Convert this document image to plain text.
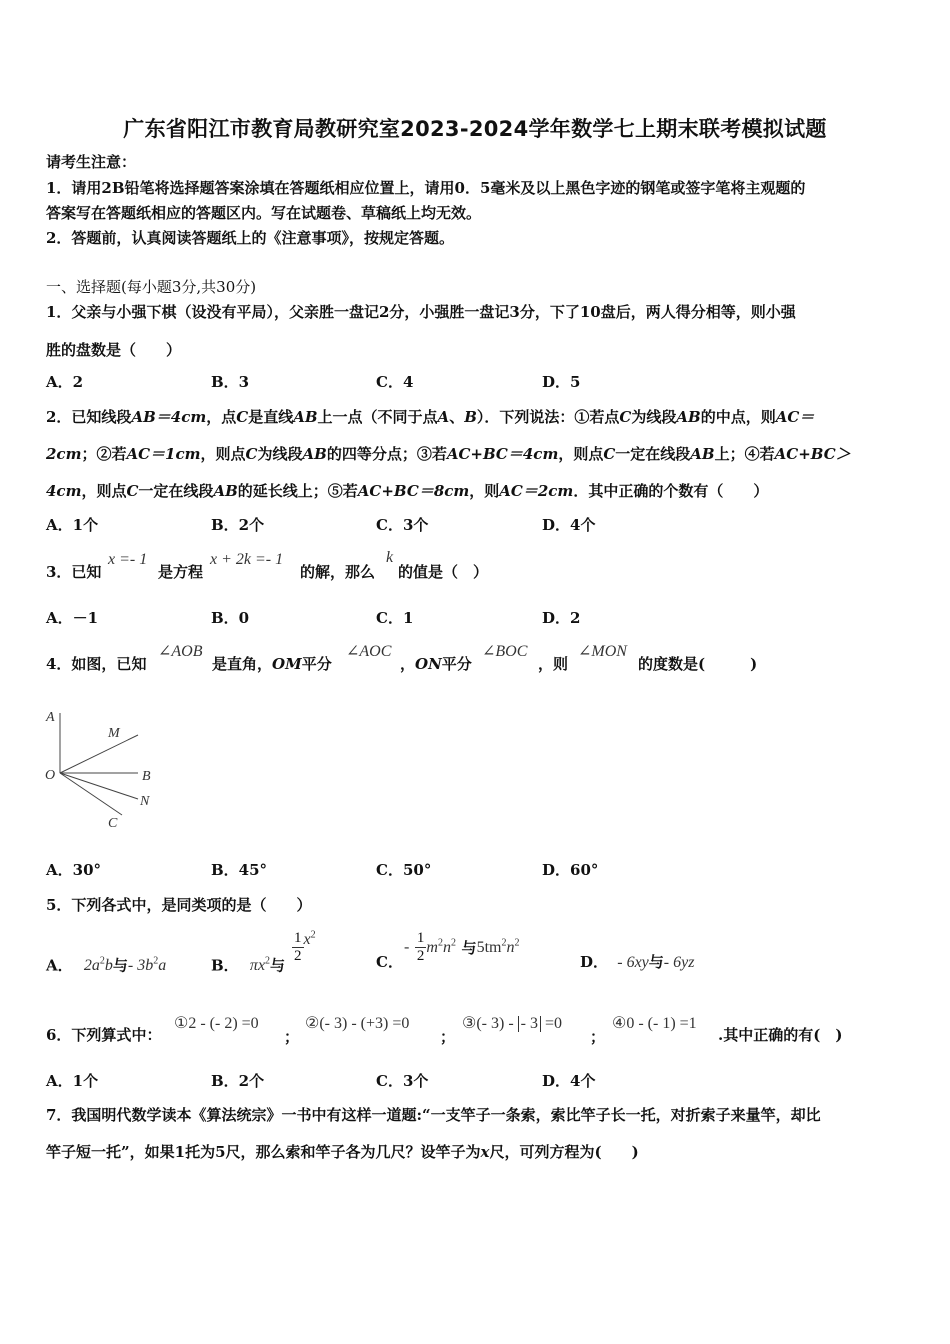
广东省阳江市教育局教研究室2023-2024学年数学七上期末联考模拟试题
请考生注意：
1．请用2B铅笔将选择题答案涂填在答题纸相应位置上，请用0．5毫米及以上黑色字迹的钢笔或签字笔将主观题的
答案写在答题纸相应的答题区内。写在试题卷、草稿纸上均无效。
2．答题前，认真阅读答题纸上的《注意事项》，按规定答题。
一、选择题(每小题3分,共30分)
1．父亲与小强下棋（设没有平局），父亲胜一盘记2分，小强胜一盘记3分，下了10盘后，两人得分相等，则小强
胜的盘数是（　　）
A．2	B．3	C．4	D．5
2．已知线段AB＝4cm，点C是直线AB上一点（不同于点A、B）．下列说法：①若点C为线段AB的中点，则AC＝
2cm；②若AC＝1cm，则点C为线段AB的四等分点；③若AC+BC＝4cm，则点C一定在线段AB上；④若AC+BC＞
4cm，则点C一定在线段AB的延长线上；⑤若AC+BC＝8cm，则AC＝2cm．其中正确的个数有（　　）
A．1个	B．2个	C．3个	D．4个
3．已知
x =- 1
是方程
x + 2k =- 1
的解，那么
k
的值是（　）
A．－1	B．0	C．1	D．2
4．如图，已知
∠AOB
是直角，OM平分
∠AOC
，ON平分
∠BOC
，则
∠MON
的度数是(　　　)
A
M
O	B
N
C
A．30°	B．45°	C．50°	D．60°
5．下列各式中，是同类项的是（　　）
A． $2a^2b$与- $3b^2a$	B． $\pi x^2$与
$\frac{1}{2} x^2$
C．
- $\frac{1}{2} m^2n^2$ 与$5tm^2n^2$
D． - 6xy与- 6yz
6．下列算式中：
①2 - (- 2) =0
；
②(- 3) - (+3) =0
；
③(- 3) - - 3 =0
；
④0 - (- 1) =1
.其中正确的有(　)
A．1个	B．2个	C．3个	D．4个
7．我国明代数学读本《算法统宗》一书中有这样一道题:“一支竿子一条索，索比竿子长一托，对折索子来量竿，却比
竿子短一托”，如果1托为5尺，那么索和竿子各为几尺？设竿子为x尺，可列方程为(　　)
